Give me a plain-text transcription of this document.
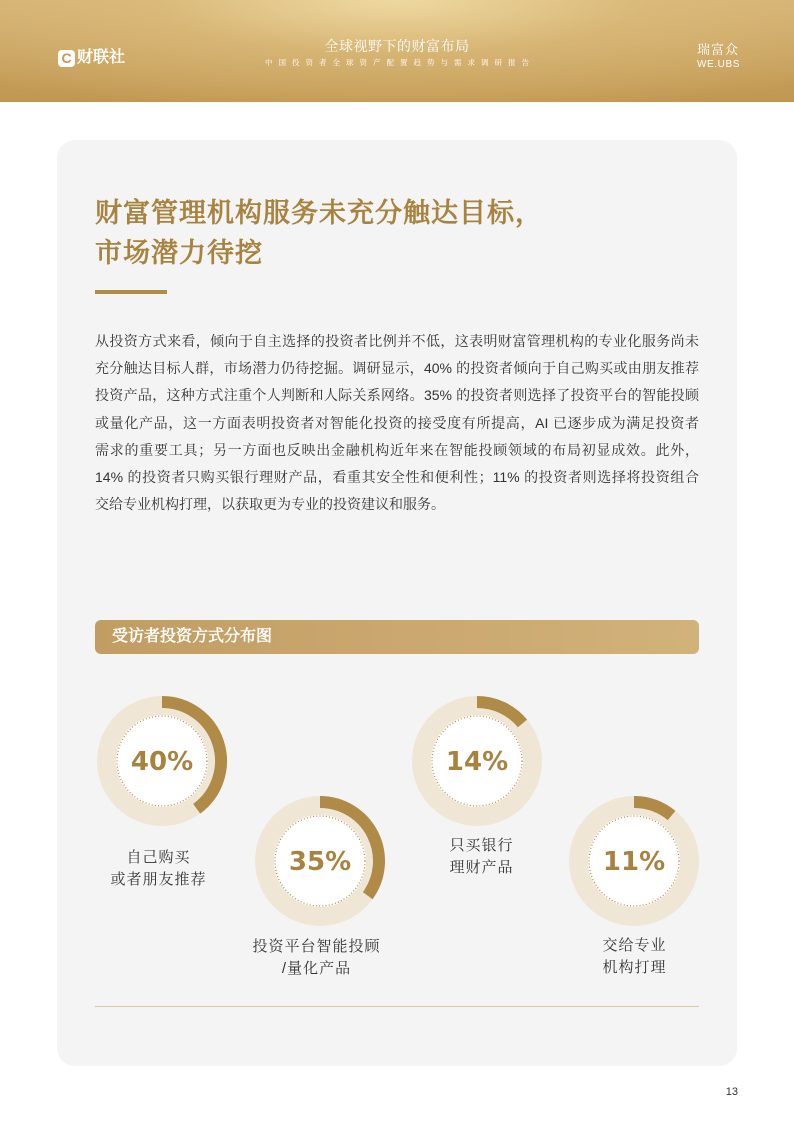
C 财联社
全球视野下的财富布局
中国投资者全球资产配置趋势与需求调研报告
瑞富众
WE.UBS
财富管理机构服务未充分触达目标，
市场潜力待挖
从投资方式来看，倾向于自主选择的投资者比例并不低，这表明财富管理机构的专业化服务尚未
充分触达目标人群，市场潜力仍待挖掘。调研显示，40% 的投资者倾向于自己购买或由朋友推荐
投资产品，这种方式注重个人判断和人际关系网络。35% 的投资者则选择了投资平台的智能投顾
或量化产品，这一方面表明投资者对智能化投资的接受度有所提高，AI 已逐步成为满足投资者
需求的重要工具；另一方面也反映出金融机构近年来在智能投顾领域的布局初显成效。此外，
14% 的投资者只购买银行理财产品，看重其安全性和便利性；11% 的投资者则选择将投资组合
交给专业机构打理，以获取更为专业的投资建议和服务。
受访者投资方式分布图
40%
35%
14%
11%
自己购买
或者朋友推荐
投资平台智能投顾
/量化产品
只买银行
理财产品
交给专业
机构打理
13
